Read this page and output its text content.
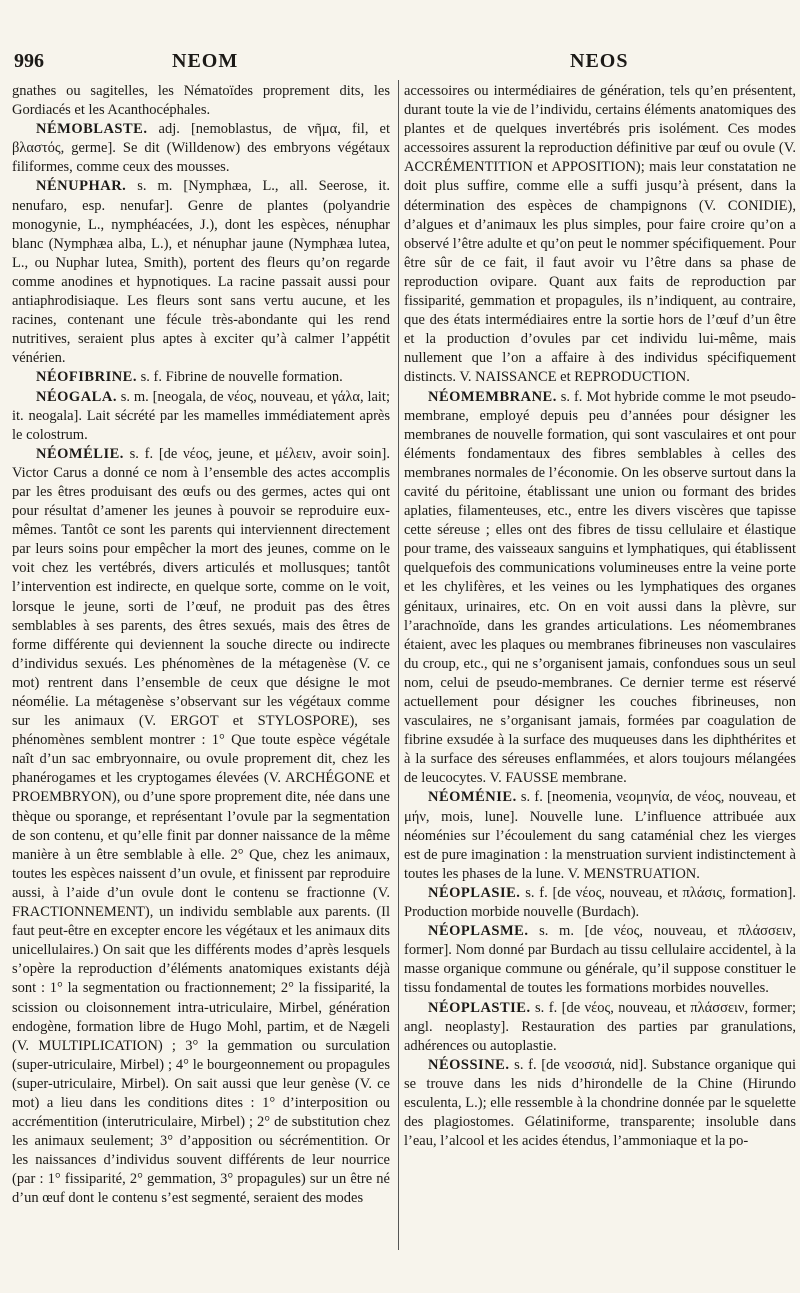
996	NEOM	NEOS

gnathes ou sagitelles, les Nématoïdes proprement dits, les Gordiacés et les Acanthocéphales.

NÉMOBLASTE. adj. [nemoblastus, de νῆμα, fil, et βλαστός, germe]. Se dit (Willdenow) des embryons végétaux filiformes, comme ceux des mousses.

NÉNUPHAR. s. m. [Nymphæa, L., all. Seerose, it. nenufaro, esp. nenufar]. Genre de plantes (polyandrie monogynie, L., nymphéacées, J.), dont les espèces, nénuphar blanc (Nymphæa alba, L.), et nénuphar jaune (Nymphæa lutea, L., ou Nuphar lutea, Smith), portent des fleurs qu’on regarde comme anodines et hypnotiques. La racine passait aussi pour antiaphrodisiaque. Les fleurs sont sans vertu aucune, et les racines, contenant une fécule très-abondante qui les rend nutritives, seraient plus aptes à exciter qu’à calmer l’appétit vénérien.

NÉOFIBRINE. s. f. Fibrine de nouvelle formation.

NÉOGALA. s. m. [neogala, de νέος, nouveau, et γάλα, lait; it. neogala]. Lait sécrété par les mamelles immédiatement après le colostrum.

NÉOMÉLIE. s. f. [de νέος, jeune, et μέλειν, avoir soin]. Victor Carus a donné ce nom à l’ensemble des actes accomplis par les êtres produisant des œufs ou des germes, actes qui ont pour résultat d’amener les jeunes à pouvoir se reproduire eux-mêmes. Tantôt ce sont les parents qui interviennent directement par leurs soins pour empêcher la mort des jeunes, comme on le voit chez les vertébrés, divers articulés et mollusques; tantôt l’intervention est indirecte, en quelque sorte, comme on le voit, lorsque le jeune, sorti de l’œuf, ne produit pas des êtres semblables à ses parents, des êtres sexués, mais des êtres de forme différente qui deviennent la souche directe ou indirecte d’individus sexués. Les phénomènes de la métagenèse (V. ce mot) rentrent dans l’ensemble de ceux que désigne le mot néomélie. La métagenèse s’observant sur les végétaux comme sur les animaux (V. ERGOT et STYLOSPORE), ses phénomènes semblent montrer : 1° Que toute espèce végétale naît d’un sac embryonnaire, ou ovule proprement dit, chez les phanérogames et les cryptogames élevées (V. ARCHÉGONE et PROEMBRYON), ou d’une spore proprement dite, née dans une thèque ou sporange, et représentant l’ovule par la segmentation de son contenu, et qu’elle finit par donner naissance de la même manière à un être semblable à elle. 2° Que, chez les animaux, toutes les espèces naissent d’un ovule, et finissent par reproduire aussi, à l’aide d’un ovule dont le contenu se fractionne (V. FRACTIONNEMENT), un individu semblable aux parents. (Il faut peut-être en excepter encore les végétaux et les animaux dits unicellulaires.) On sait que les différents modes d’après lesquels s’opère la reproduction d’éléments anatomiques existants déjà sont : 1° la segmentation ou fractionnement; 2° la fissiparité, la scission ou cloisonnement intra-utriculaire, Mirbel, génération endogène, formation libre de Hugo Mohl, partim, et de Nægeli (V. MULTIPLICATION) ; 3° la gemmation ou surculation (super-utriculaire, Mirbel) ; 4° le bourgeonnement ou propagules (super-utriculaire, Mirbel). On sait aussi que leur genèse (V. ce mot) a lieu dans les conditions dites : 1° d’interposition ou accrémentition (interutriculaire, Mirbel) ; 2° de substitution chez les animaux seulement; 3° d’apposition ou sécrémentition. Or les naissances d’individus souvent différents de leur nourrice (par : 1° fissiparité, 2° gemmation, 3° propagules) sur un être né d’un œuf dont le contenu s’est segmenté, seraient des modes

accessoires ou intermédiaires de génération, tels qu’en présentent, durant toute la vie de l’individu, certains éléments anatomiques des plantes et de quelques invertébrés pris isolément. Ces modes accessoires assurent la reproduction définitive par œuf ou ovule (V. ACCRÉMENTITION et APPOSITION); mais leur constatation ne doit plus suffire, comme elle a suffi jusqu’à présent, dans la détermination des espèces de champignons (V. CONIDIE), d’algues et d’animaux les plus simples, pour faire croire qu’on a observé l’être adulte et qu’on peut le nommer spécifiquement. Pour être sûr de ce fait, il faut avoir vu l’être dans sa phase de reproduction ovipare. Quant aux faits de reproduction par fissiparité, gemmation et propagules, ils n’indiquent, au contraire, que des états intermédiaires entre la sortie hors de l’œuf d’un être et la production d’ovules par cet individu lui-même, mais nullement que l’on a affaire à des individus spécifiquement distincts. V. NAISSANCE et REPRODUCTION.

NÉOMEMBRANE. s. f. Mot hybride comme le mot pseudo-membrane, employé depuis peu d’années pour désigner les membranes de nouvelle formation, qui sont vasculaires et ont pour éléments fondamentaux des fibres semblables à celles des membranes normales de l’économie. On les observe surtout dans la cavité du péritoine, établissant une union ou formant des brides aplaties, filamenteuses, etc., entre les divers viscères que tapisse cette séreuse ; elles ont des fibres de tissu cellulaire et élastique pour trame, des vaisseaux sanguins et lymphatiques, qui établissent quelquefois des communications volumineuses entre la veine porte et les chylifères, et les veines ou les lymphatiques des organes génitaux, urinaires, etc. On en voit aussi dans la plèvre, sur l’arachnoïde, dans les grandes articulations. Les néomembranes étaient, avec les plaques ou membranes fibrineuses non vasculaires du croup, etc., qui ne s’organisent jamais, confondues sous un seul nom, celui de pseudo-membranes. Ce dernier terme est réservé actuellement pour désigner les couches fibrineuses, non vasculaires, ne s’organisant jamais, formées par coagulation de fibrine exsudée à la surface des muqueuses dans les diphthérites et à la surface des séreuses enflammées, et alors toujours mélangées de leucocytes. V. FAUSSE membrane.

NÉOMÉNIE. s. f. [neomenia, νεομηνία, de νέος, nouveau, et μήν, mois, lune]. Nouvelle lune. L’influence attribuée aux néoménies sur l’écoulement du sang cataménial chez les vierges est de pure imagination : la menstruation survient indistinctement à toutes les phases de la lune. V. MENSTRUATION.

NÉOPLASIE. s. f. [de νέος, nouveau, et πλάσις, formation]. Production morbide nouvelle (Burdach).

NÉOPLASME. s. m. [de νέος, nouveau, et πλάσσειν, former]. Nom donné par Burdach au tissu cellulaire accidentel, à la masse organique commune ou générale, qu’il suppose constituer le tissu fondamental de toutes les formations morbides nouvelles.

NÉOPLASTIE. s. f. [de νέος, nouveau, et πλάσσειν, former; angl. neoplasty]. Restauration des parties par granulations, adhérences ou autoplastie.

NÉOSSINE. s. f. [de νεοσσιά, nid]. Substance organique qui se trouve dans les nids d’hirondelle de la Chine (Hirundo esculenta, L.); elle ressemble à la chondrine donnée par le squelette des plagiostomes. Gélatiniforme, transparente; insoluble dans l’eau, l’alcool et les acides étendus, l’ammoniaque et la po-
